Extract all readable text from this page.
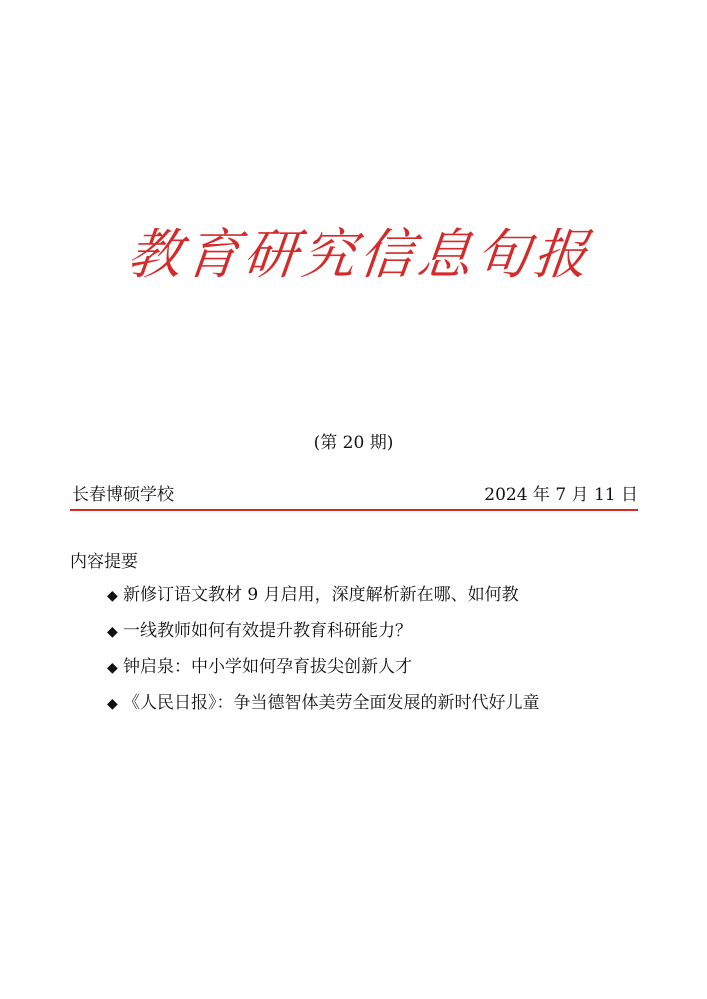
教育研究信息旬报
(第 20 期)
长春博硕学校	2024 年 7 月 11 日
内容提要
◆ 新修订语文教材 9 月启用，深度解析新在哪、如何教
◆ 一线教师如何有效提升教育科研能力？
◆ 钟启泉：中小学如何孕育拔尖创新人才
◆ 《人民日报》：争当德智体美劳全面发展的新时代好儿童
